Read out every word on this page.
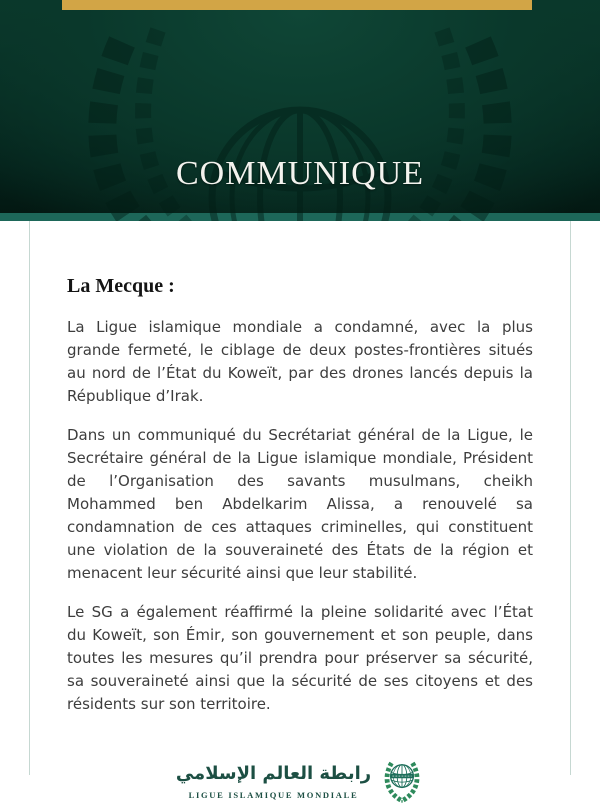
COMMUNIQUE
La Mecque :

La Ligue islamique mondiale a condamné, avec la plus grande fermeté, le ciblage de deux postes-frontières situés au nord de l’État du Koweït, par des drones lancés depuis la République d’Irak.

Dans un communiqué du Secrétariat général de la Ligue, le Secrétaire général de la Ligue islamique mondiale, Président de l’Organisation des savants musulmans, cheikh Mohammed ben Abdelkarim Alissa, a renouvelé sa condamnation de ces attaques criminelles, qui constituent une violation de la souveraineté des États de la région et menacent leur sécurité ainsi que leur stabilité.

Le SG a également réaffirmé la pleine solidarité avec l’État du Koweït, son Émir, son gouvernement et son peuple, dans toutes les mesures qu’il prendra pour préserver sa sécurité, sa souveraineté ainsi que la sécurité de ses citoyens et des résidents sur son territoire.

رابطة العالم الإسلامي
LIGUE ISLAMIQUE MONDIALE
